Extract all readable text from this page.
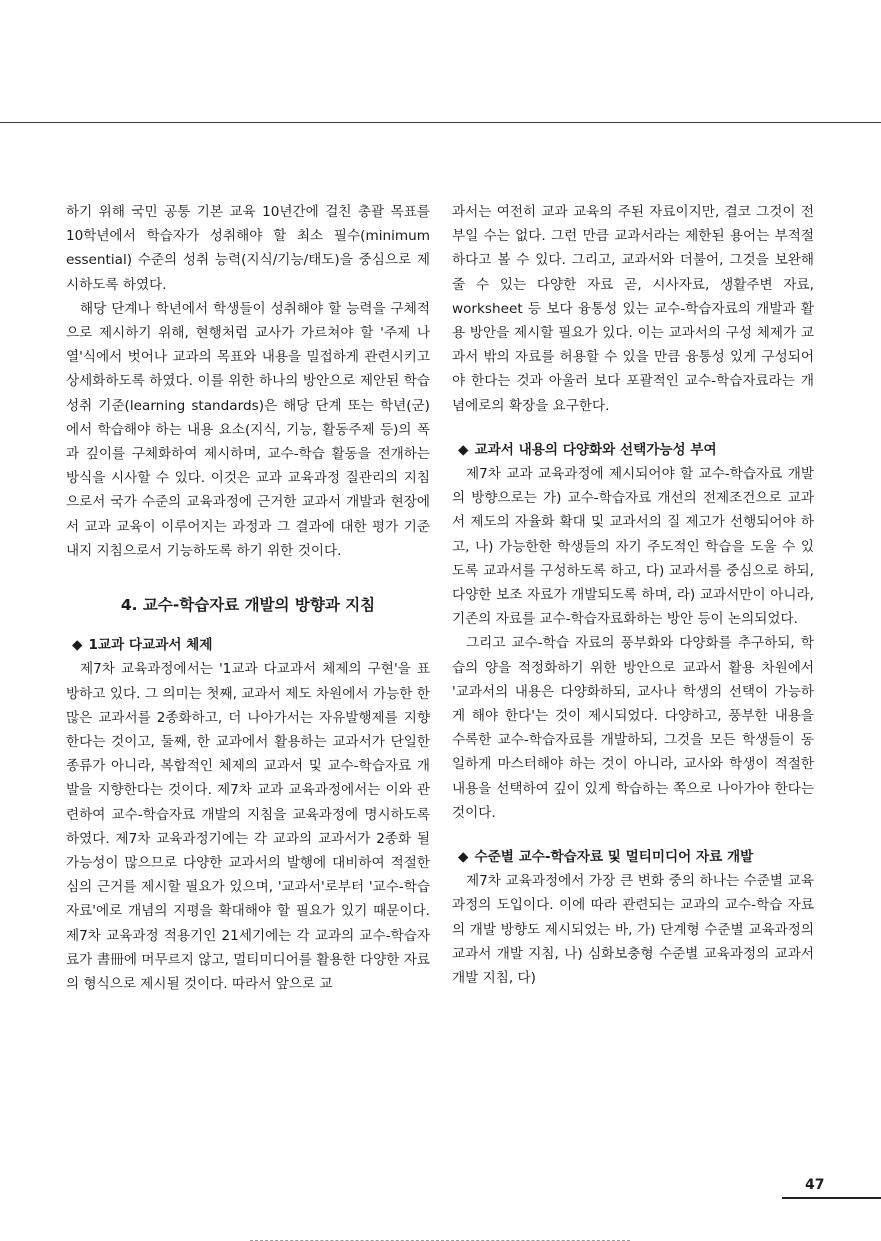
하기 위해 국민 공통 기본 교육 10년간에 걸친 총괄 목표를 10학년에서 학습자가 성취해야 할 최소 필수(minimum essential) 수준의 성취 능력(지식/기능/태도)을 중심으로 제시하도록 하였다.

해당 단계나 학년에서 학생들이 성취해야 할 능력을 구체적으로 제시하기 위해, 현행처럼 교사가 가르쳐야 할 '주제 나열'식에서 벗어나 교과의 목표와 내용을 밀접하게 관련시키고 상세화하도록 하였다. 이를 위한 하나의 방안으로 제안된 학습 성취 기준(learning standards)은 해당 단계 또는 학년(군)에서 학습해야 하는 내용 요소(지식, 기능, 활동주제 등)의 폭과 깊이를 구체화하여 제시하며, 교수-학습 활동을 전개하는 방식을 시사할 수 있다. 이것은 교과 교육과정 질관리의 지침으로서 국가 수준의 교육과정에 근거한 교과서 개발과 현장에서 교과 교육이 이루어지는 과정과 그 결과에 대한 평가 기준 내지 지침으로서 기능하도록 하기 위한 것이다.

4. 교수-학습자료 개발의 방향과 지침
◆ 1교과 다교과서 체제

제7차 교육과정에서는 '1교과 다교과서 체제의 구현'을 표방하고 있다. 그 의미는 첫째, 교과서 제도 차원에서 가능한 한 많은 교과서를 2종화하고, 더 나아가서는 자유발행제를 지향한다는 것이고, 둘째, 한 교과에서 활용하는 교과서가 단일한 종류가 아니라, 복합적인 체제의 교과서 및 교수-학습자료 개발을 지향한다는 것이다. 제7차 교과 교육과정에서는 이와 관련하여 교수-학습자료 개발의 지침을 교육과정에 명시하도록 하였다. 제7차 교육과정기에는 각 교과의 교과서가 2종화 될 가능성이 많으므로 다양한 교과서의 발행에 대비하여 적절한 심의 근거를 제시할 필요가 있으며, '교과서'로부터 '교수-학습자료'에로 개념의 지평을 확대해야 할 필요가 있기 때문이다. 제7차 교육과정 적용기인 21세기에는 각 교과의 교수-학습자료가 書冊에 머무르지 않고, 멀티미디어를 활용한 다양한 자료의 형식으로 제시될 것이다. 따라서 앞으로 교

과서는 여전히 교과 교육의 주된 자료이지만, 결코 그것이 전부일 수는 없다. 그런 만큼 교과서라는 제한된 용어는 부적절하다고 볼 수 있다. 그리고, 교과서와 더불어, 그것을 보완해줄 수 있는 다양한 자료 곧, 시사자료, 생활주변 자료, worksheet 등 보다 융통성 있는 교수-학습자료의 개발과 활용 방안을 제시할 필요가 있다. 이는 교과서의 구성 체제가 교과서 밖의 자료를 허용할 수 있을 만큼 융통성 있게 구성되어야 한다는 것과 아울러 보다 포괄적인 교수-학습자료라는 개념에로의 확장을 요구한다.

◆ 교과서 내용의 다양화와 선택가능성 부여

제7차 교과 교육과정에 제시되어야 할 교수-학습자료 개발의 방향으로는 가) 교수-학습자료 개선의 전제조건으로 교과서 제도의 자율화 확대 및 교과서의 질 제고가 선행되어야 하고, 나) 가능한한 학생들의 자기 주도적인 학습을 도울 수 있도록 교과서를 구성하도록 하고, 다) 교과서를 중심으로 하되, 다양한 보조 자료가 개발되도록 하며, 라) 교과서만이 아니라, 기존의 자료를 교수-학습자료화하는 방안 등이 논의되었다.

그리고 교수-학습 자료의 풍부화와 다양화를 추구하되, 학습의 양을 적정화하기 위한 방안으로 교과서 활용 차원에서 '교과서의 내용은 다양화하되, 교사나 학생의 선택이 가능하게 해야 한다'는 것이 제시되었다. 다양하고, 풍부한 내용을 수록한 교수-학습자료를 개발하되, 그것을 모든 학생들이 동일하게 마스터해야 하는 것이 아니라, 교사와 학생이 적절한 내용을 선택하여 깊이 있게 학습하는 쪽으로 나아가야 한다는 것이다.

◆ 수준별 교수-학습자료 및 멀티미디어 자료 개발

제7차 교육과정에서 가장 큰 변화 중의 하나는 수준별 교육과정의 도입이다. 이에 따라 관련되는 교과의 교수-학습 자료의 개발 방향도 제시되었는 바, 가) 단계형 수준별 교육과정의 교과서 개발 지침, 나) 심화보충형 수준별 교육과정의 교과서 개발 지침, 다)

47
